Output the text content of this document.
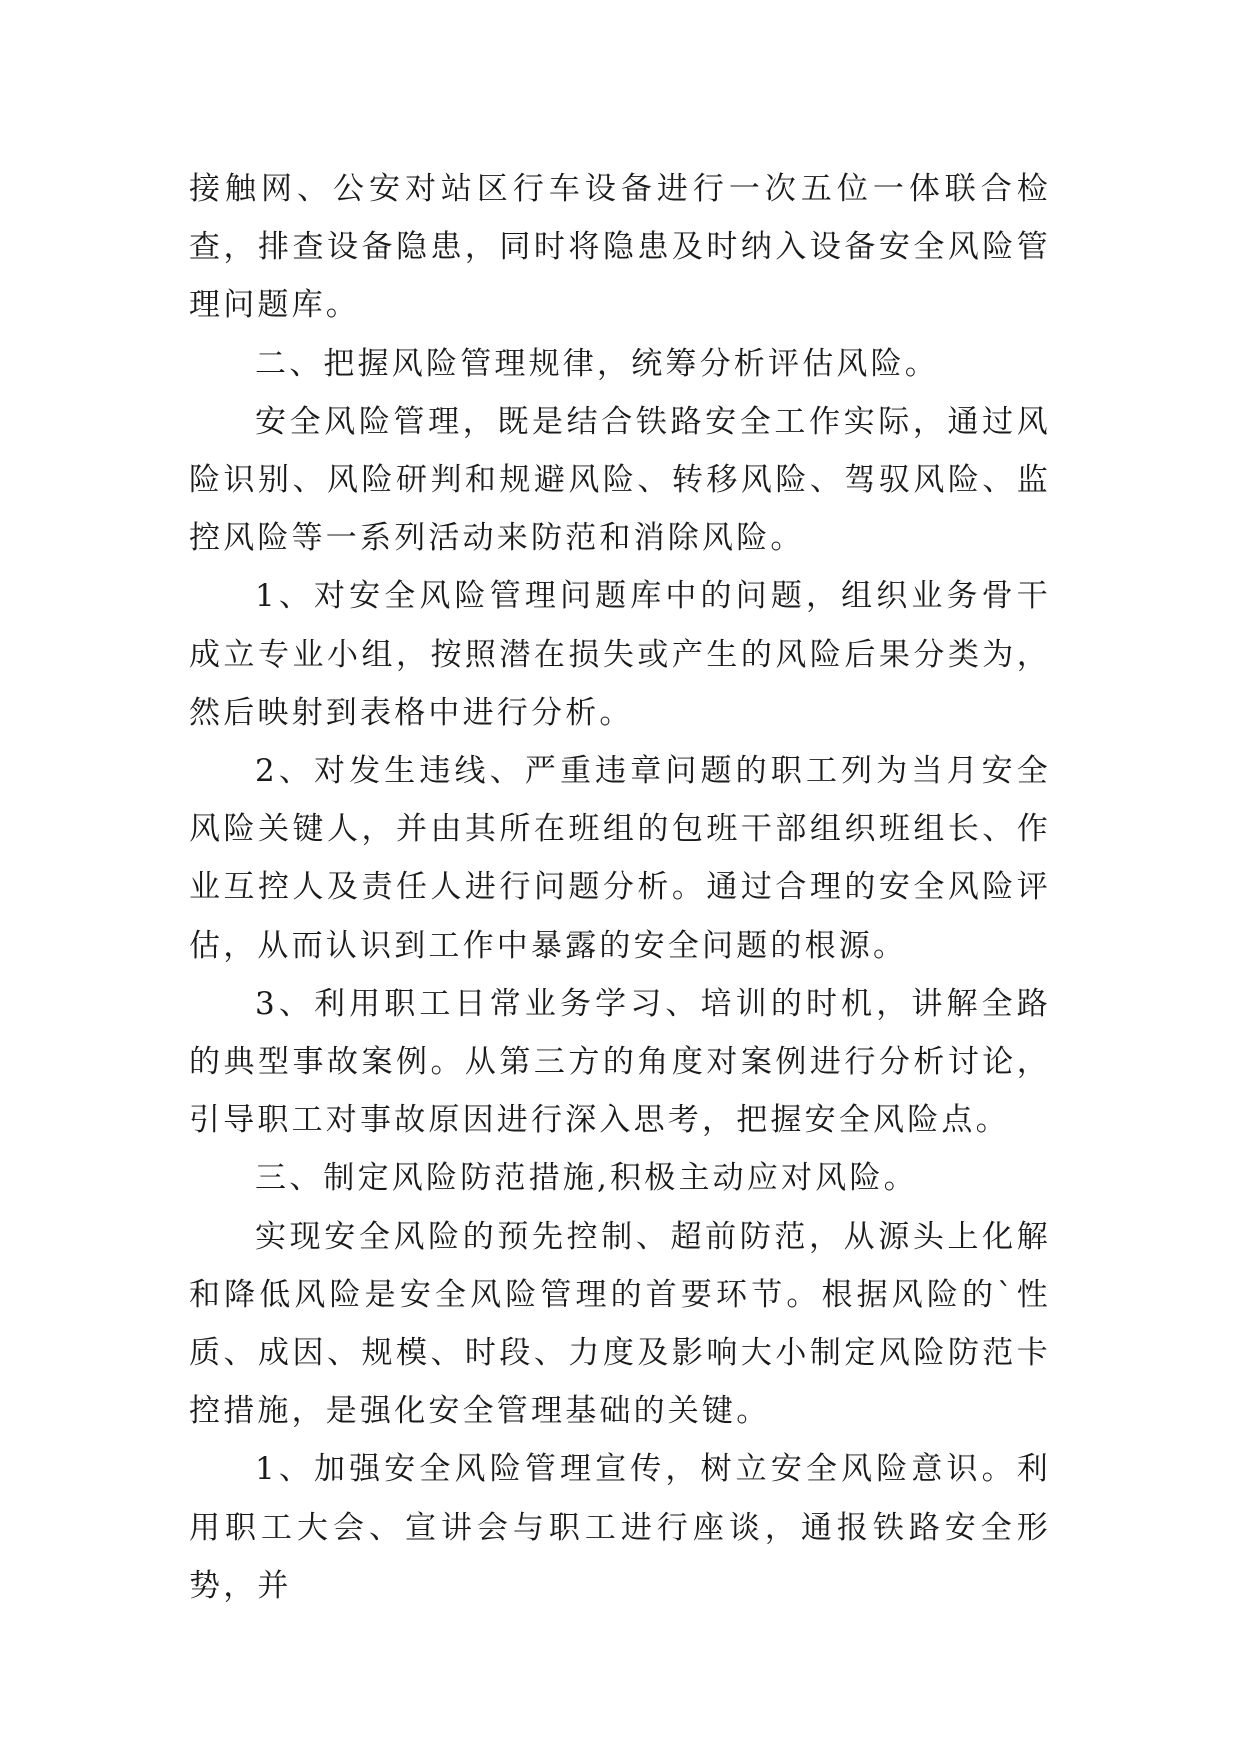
接触网、公安对站区行车设备进行一次五位一体联合检查，排查设备隐患，同时将隐患及时纳入设备安全风险管理问题库。

二、把握风险管理规律，统筹分析评估风险。

安全风险管理，既是结合铁路安全工作实际，通过风险识别、风险研判和规避风险、转移风险、驾驭风险、监控风险等一系列活动来防范和消除风险。

1、对安全风险管理问题库中的问题，组织业务骨干成立专业小组，按照潜在损失或产生的风险后果分类为，然后映射到表格中进行分析。

2、对发生违线、严重违章问题的职工列为当月安全风险关键人，并由其所在班组的包班干部组织班组长、作业互控人及责任人进行问题分析。通过合理的安全风险评估，从而认识到工作中暴露的安全问题的根源。

3、利用职工日常业务学习、培训的时机，讲解全路的典型事故案例。从第三方的角度对案例进行分析讨论，引导职工对事故原因进行深入思考，把握安全风险点。

三、制定风险防范措施,积极主动应对风险。

实现安全风险的预先控制、超前防范，从源头上化解和降低风险是安全风险管理的首要环节。根据风险的`性质、成因、规模、时段、力度及影响大小制定风险防范卡控措施，是强化安全管理基础的关键。

1、加强安全风险管理宣传，树立安全风险意识。利用职工大会、宣讲会与职工进行座谈，通报铁路安全形势，并
